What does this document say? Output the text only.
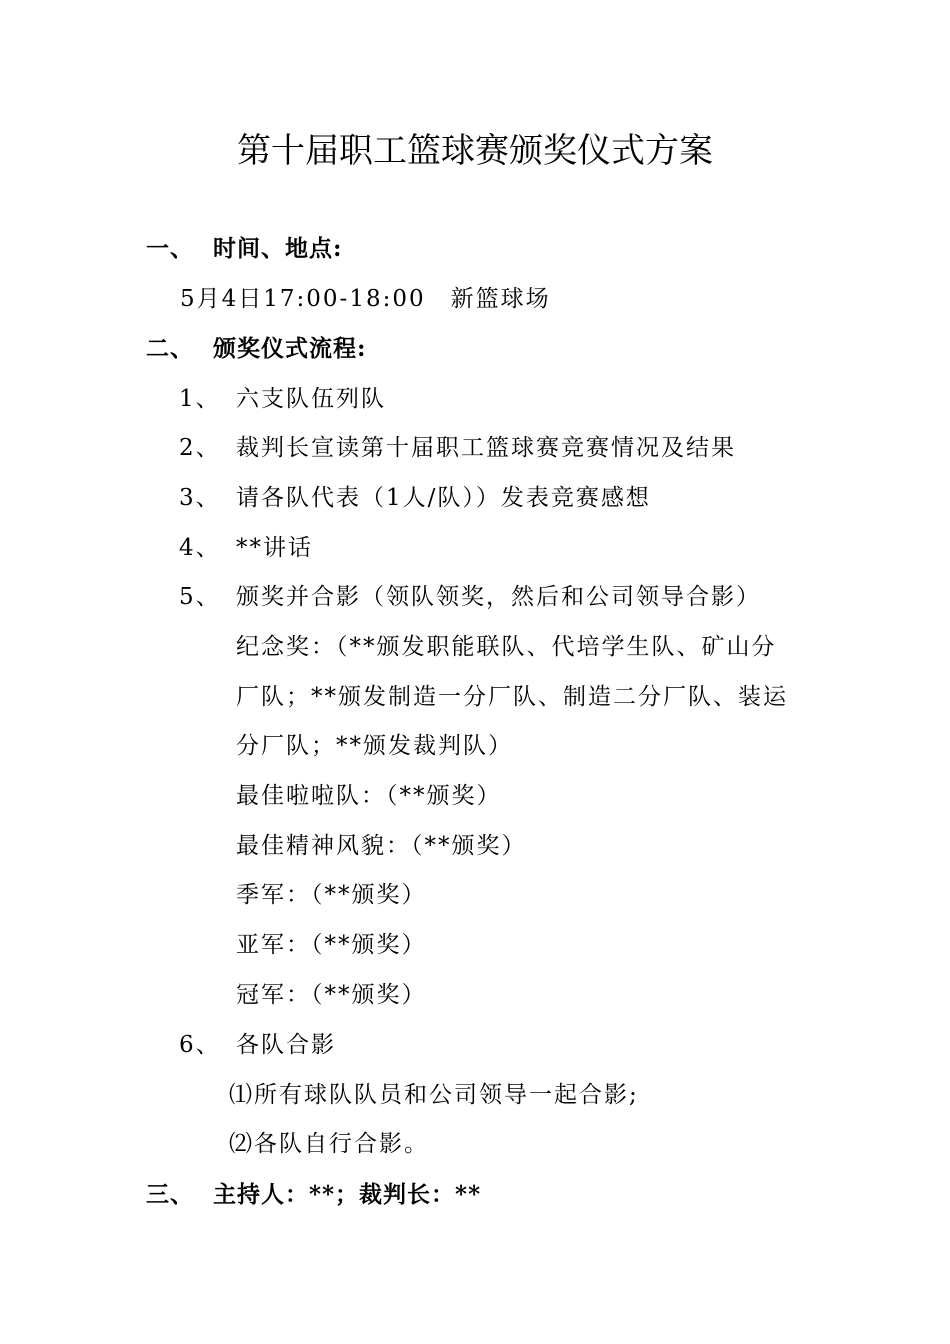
第十届职工篮球赛颁奖仪式方案
一、 时间、地点:
5月4日17:00-18:00　新篮球场
二、 颁奖仪式流程:
1、 六支队伍列队
2、 裁判长宣读第十届职工篮球赛竞赛情况及结果
3、 请各队代表（1人/队））发表竞赛感想
4、 **讲话
5、 颁奖并合影（领队领奖，然后和公司领导合影）
纪念奖：（**颁发职能联队、代培学生队、矿山分
厂队；**颁发制造一分厂队、制造二分厂队、装运
分厂队；**颁发裁判队）
最佳啦啦队：（**颁奖）
最佳精神风貌：（**颁奖）
季军：（**颁奖）
亚军：（**颁奖）
冠军：（**颁奖）
6、 各队合影
⑴所有球队队员和公司领导一起合影;
⑵各队自行合影。
三、 主持人：**；裁判长：**
